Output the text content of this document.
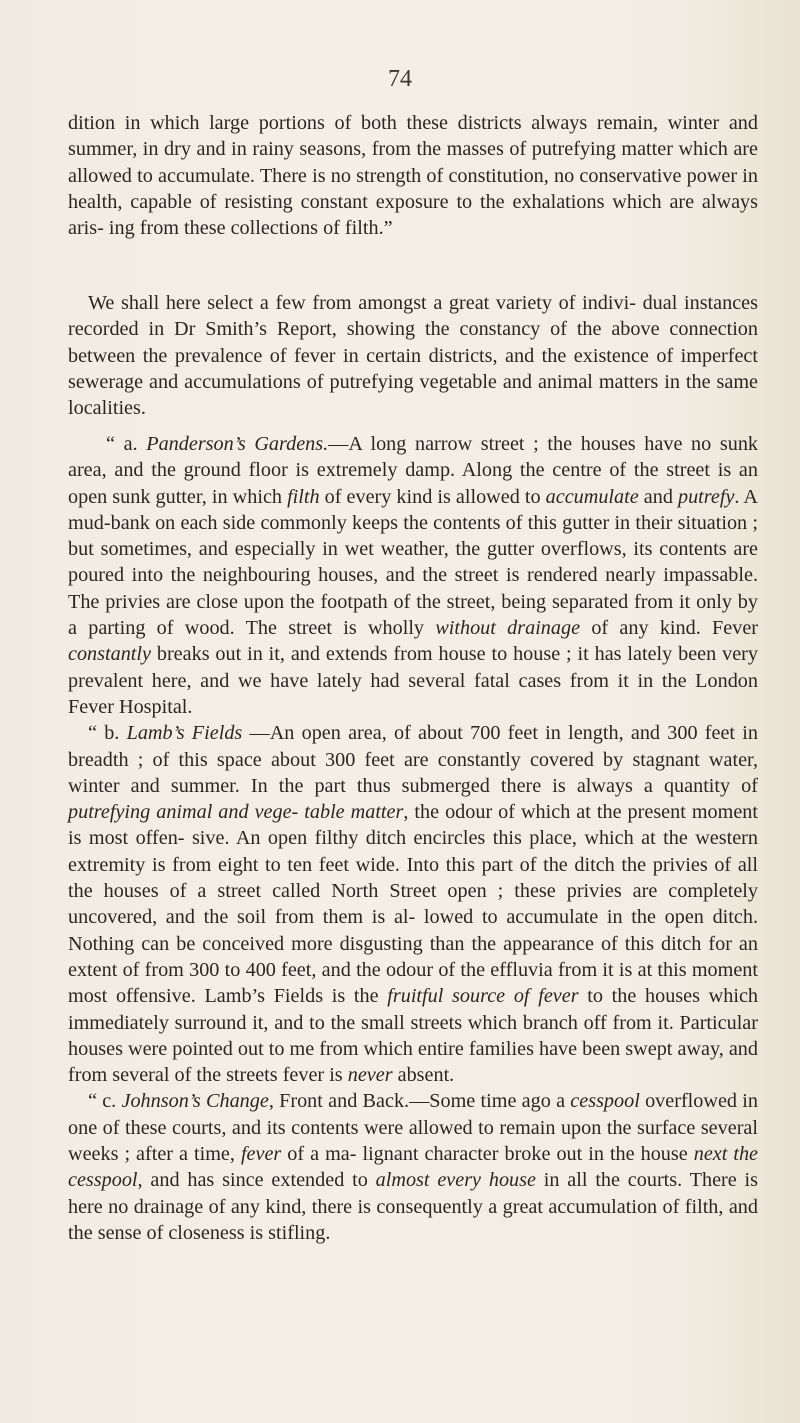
74

dition in which large portions of both these districts always remain, winter and summer, in dry and in rainy seasons, from the masses of putrefying matter which are allowed to accumulate. There is no strength of constitution, no conservative power in health, capable of resisting constant exposure to the exhalations which are always aris- ing from these collections of filth.”

We shall here select a few from amongst a great variety of indivi- dual instances recorded in Dr Smith’s Report, showing the constancy of the above connection between the prevalence of fever in certain districts, and the existence of imperfect sewerage and accumulations of putrefying vegetable and animal matters in the same localities.

“ a. Panderson’s Gardens.—A long narrow street ; the houses have no sunk area, and the ground floor is extremely damp. Along the centre of the street is an open sunk gutter, in which filth of every kind is allowed to accumulate and putrefy. A mud-bank on each side commonly keeps the contents of this gutter in their situation ; but sometimes, and especially in wet weather, the gutter overflows, its contents are poured into the neighbouring houses, and the street is rendered nearly impassable. The privies are close upon the footpath of the street, being separated from it only by a parting of wood. The street is wholly without drainage of any kind. Fever constantly breaks out in it, and extends from house to house ; it has lately been very prevalent here, and we have lately had several fatal cases from it in the London Fever Hospital.

“ b. Lamb’s Fields —An open area, of about 700 feet in length, and 300 feet in breadth ; of this space about 300 feet are constantly covered by stagnant water, winter and summer. In the part thus submerged there is always a quantity of putrefying animal and vege- table matter, the odour of which at the present moment is most offen- sive. An open filthy ditch encircles this place, which at the western extremity is from eight to ten feet wide. Into this part of the ditch the privies of all the houses of a street called North Street open ; these privies are completely uncovered, and the soil from them is al- lowed to accumulate in the open ditch. Nothing can be conceived more disgusting than the appearance of this ditch for an extent of from 300 to 400 feet, and the odour of the effluvia from it is at this moment most offensive. Lamb’s Fields is the fruitful source of fever to the houses which immediately surround it, and to the small streets which branch off from it. Particular houses were pointed out to me from which entire families have been swept away, and from several of the streets fever is never absent.

“ c. Johnson’s Change, Front and Back.—Some time ago a cesspool overflowed in one of these courts, and its contents were allowed to remain upon the surface several weeks ; after a time, fever of a ma- lignant character broke out in the house next the cesspool, and has since extended to almost every house in all the courts. There is here no drainage of any kind, there is consequently a great accumulation of filth, and the sense of closeness is stifling.
